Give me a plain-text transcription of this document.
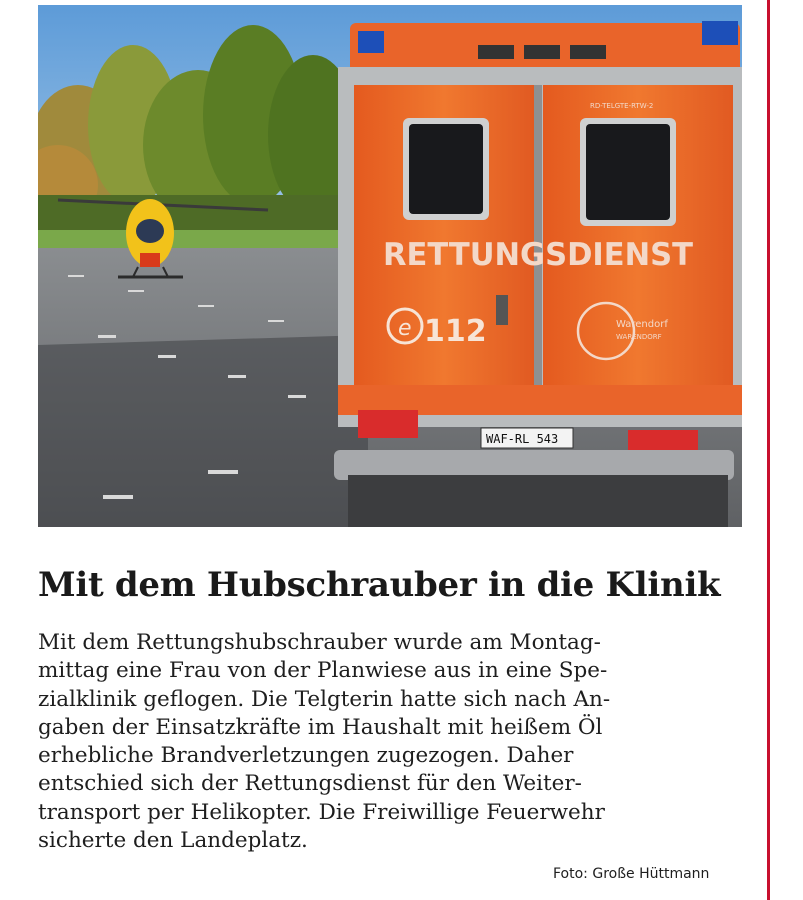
e 112
RETTUNGSDIENST
Warendorf
WARENDORF
RD-TELGTE-RTW-2
WAF-RL 543
Mit dem Hubschrauber in die Klinik
Mit dem Rettungshubschrauber wurde am Montag-
mittag eine Frau von der Planwiese aus in eine Spe-
zialklinik geflogen. Die Telgterin hatte sich nach An-
gaben der Einsatzkräfte im Haushalt mit heißem Öl
erhebliche Brandverletzungen zugezogen. Daher
entschied sich der Rettungsdienst für den Weiter-
transport per Helikopter. Die Freiwillige Feuerwehr
sicherte den Landeplatz.
Foto: Große Hüttmann
